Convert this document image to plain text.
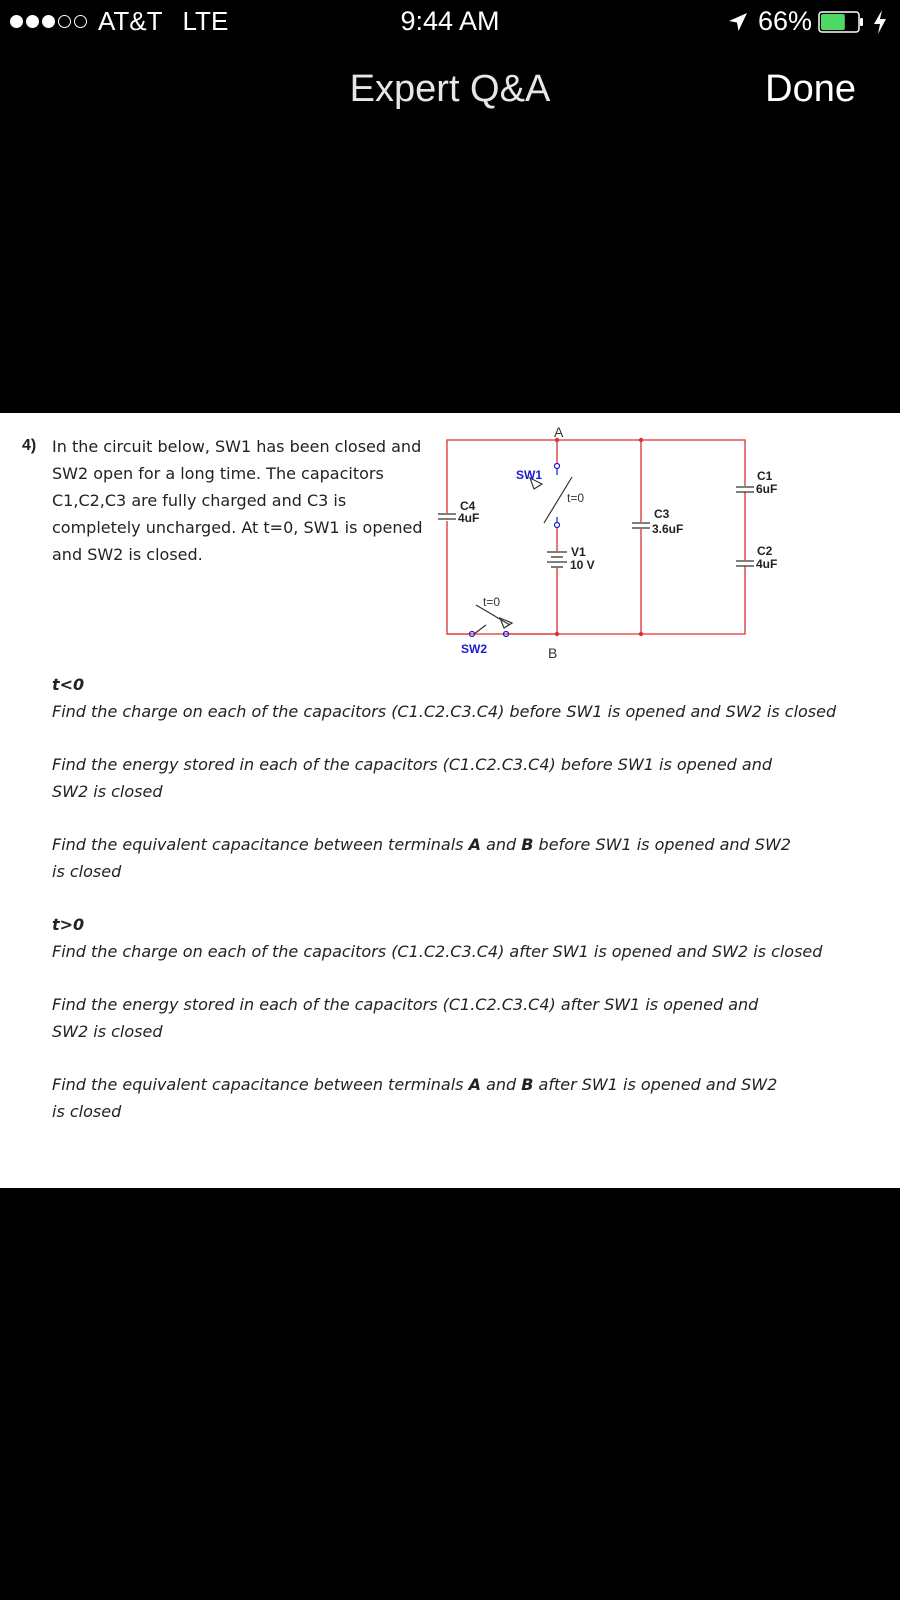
AT&T LTE	9:44 AM	66%
Expert Q&A	Done
4) In the circuit below, SW1 has been closed and SW2 open for a long time. The capacitors C1,C2,C3 are fully charged and C3 is completely uncharged. At t=0, SW1 is opened and SW2 is closed.
A
B
C4
4uF	C3
3.6uF
C1
6uF
C2
4uF
V1
10 V
SW1
t=0
t=0
SW2
t<0
Find the charge on each of the capacitors (C1.C2.C3.C4) before SW1 is opened and SW2 is closed
Find the energy stored in each of the capacitors (C1.C2.C3.C4) before SW1 is opened and SW2 is closed
Find the equivalent capacitance between terminals A and B before SW1 is opened and SW2 is closed
t>0
Find the charge on each of the capacitors (C1.C2.C3.C4) after SW1 is opened and SW2 is closed
Find the energy stored in each of the capacitors (C1.C2.C3.C4) after SW1 is opened and SW2 is closed
Find the equivalent capacitance between terminals A and B after SW1 is opened and SW2 is closed
